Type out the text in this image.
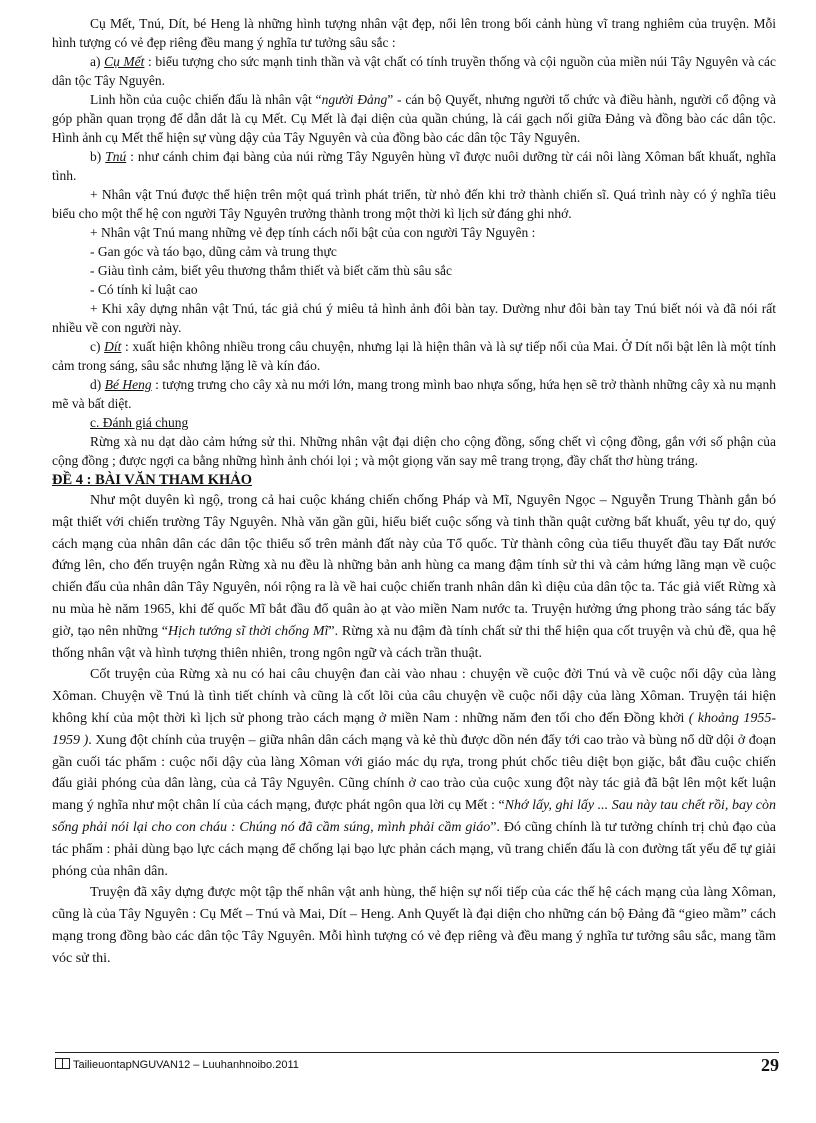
Cụ Mết, Tnú, Dít, bé Heng là những hình tượng nhân vật đẹp, nổi lên trong bối cảnh hùng vĩ trang nghiêm của truyện. Mỗi hình tượng có vẻ đẹp riêng đều mang ý nghĩa tư tưởng sâu sắc :

a) Cụ Mết : biểu tượng cho sức mạnh tinh thần và vật chất có tính truyền thống và cội nguồn của miền núi Tây Nguyên và các dân tộc Tây Nguyên.

Linh hồn của cuộc chiến đấu là nhân vật “người Đảng” - cán bộ Quyết, nhưng người tổ chức và điều hành, người cổ động và góp phần quan trọng để dẫn dắt là cụ Mết. Cụ Mết là đại diện của quần chúng, là cái gạch nối giữa Đảng và đồng bào các dân tộc. Hình ảnh cụ Mết thể hiện sự vùng dậy của Tây Nguyên và của đồng bào các dân tộc Tây Nguyên.

b) Tnú : như cánh chim đại bàng của núi rừng Tây Nguyên hùng vĩ được nuôi dưỡng từ cái nôi làng Xôman bất khuất, nghĩa tình.

+ Nhân vật Tnú được thể hiện trên một quá trình phát triển, từ nhỏ đến khi trở thành chiến sĩ. Quá trình này có ý nghĩa tiêu biểu cho một thế hệ con người Tây Nguyên trưởng thành trong một thời kì lịch sử đáng ghi nhớ.

+ Nhân vật Tnú mang những vẻ đẹp tính cách nổi bật của con người Tây Nguyên :

- Gan góc và táo bạo, dũng cảm và trung thực

- Giàu tình cảm, biết yêu thương thắm thiết và biết căm thù sâu sắc

- Có tính kỉ luật cao

+ Khi xây dựng nhân vật Tnú, tác giả chú ý miêu tả hình ảnh đôi bàn tay. Dường như đôi bàn tay Tnú biết nói và đã nói rất nhiều về con người này.

c) Dít : xuất hiện không nhiều trong câu chuyện, nhưng lại là hiện thân và là sự tiếp nối của Mai. Ở Dít nổi bật lên là một tính cảm trong sáng, sâu sắc nhưng lặng lẽ và kín đáo.

d) Bé Heng : tượng trưng cho cây xà nu mới lớn, mang trong mình bao nhựa sống, hứa hẹn sẽ trở thành những cây xà nu mạnh mẽ và bất diệt.

c. Đánh giá chung

Rừng xà nu dạt dào cảm hứng sử thi. Những nhân vật đại diện cho cộng đồng, sống chết vì cộng đồng, gắn với số phận của cộng đồng ; được ngợi ca bằng những hình ảnh chói lọi ; và một giọng văn say mê trang trọng, đầy chất thơ hùng tráng.

ĐỀ 4 : BÀI VĂN THAM KHẢO

Như một duyên kì ngộ, trong cả hai cuộc kháng chiến chống Pháp và Mĩ, Nguyên Ngọc – Nguyễn Trung Thành gắn bó mật thiết với chiến trường Tây Nguyên. Nhà văn gần gũi, hiểu biết cuộc sống và tinh thần quật cường bất khuất, yêu tự do, quý cách mạng của nhân dân các dân tộc thiểu số trên mảnh đất này của Tổ quốc. Từ thành công của tiểu thuyết đầu tay Đất nước đứng lên, cho đến truyện ngắn Rừng xà nu đều là những bản anh hùng ca mang đậm tính sử thi và cảm hứng lãng mạn về cuộc chiến đấu của nhân dân Tây Nguyên, nói rộng ra là về hai cuộc chiến tranh nhân dân kì diệu của dân tộc ta. Tác giả viết Rừng xà nu mùa hè năm 1965, khi đế quốc Mĩ bắt đầu đổ quân ào ạt vào miền Nam nước ta. Truyện hưởng ứng phong trào sáng tác bấy giờ, tạo nên những “Hịch tướng sĩ thời chống Mĩ”. Rừng xà nu đậm đà tính chất sử thi thể hiện qua cốt truyện và chủ đề, qua hệ thống nhân vật và hình tượng thiên nhiên, trong ngôn ngữ và cách trần thuật.

Cốt truyện của Rừng xà nu có hai câu chuyện đan cài vào nhau : chuyện về cuộc đời Tnú và về cuộc nổi dậy của làng Xôman. Chuyện về Tnú là tình tiết chính và cũng là cốt lõi của câu chuyện về cuộc nổi dậy của làng Xôman. Truyện tái hiện không khí của một thời kì lịch sử phong trào cách mạng ở miền Nam : những năm đen tối cho đến Đồng khởi ( khoảng 1955-1959 ). Xung đột chính của truyện – giữa nhân dân cách mạng và kẻ thù được dồn nén đẩy tới cao trào và bùng nổ dữ dội ở đoạn gần cuối tác phẩm : cuộc nổi dậy của làng Xôman với giáo mác dụ rựa, trong phút chốc tiêu diệt bọn giặc, bắt đầu cuộc chiến đấu giải phóng của dân làng, của cả Tây Nguyên. Cũng chính ở cao trào của cuộc xung đột này tác giả đã bật lên một kết luận mang ý nghĩa như một chân lí của cách mạng, được phát ngôn qua lời cụ Mết : “Nhớ lấy, ghi lấy ... Sau này tau chết rồi, bay còn sống phải nói lại cho con cháu : Chúng nó đã cầm súng, mình phải cầm giáo”. Đó cũng chính là tư tưởng chính trị chủ đạo của tác phẩm : phải dùng bạo lực cách mạng để chống lại bạo lực phản cách mạng, vũ trang chiến đấu là con đường tất yếu để tự giải phóng của nhân dân.

Truyện đã xây dựng được một tập thể nhân vật anh hùng, thể hiện sự nối tiếp của các thế hệ cách mạng của làng Xôman, cũng là của Tây Nguyên : Cụ Mết – Tnú và Mai, Dít – Heng. Anh Quyết là đại diện cho những cán bộ Đảng đã “gieo mầm” cách mạng trong đồng bào các dân tộc Tây Nguyên. Mỗi hình tượng có vẻ đẹp riêng và đều mang ý nghĩa tư tưởng sâu sắc, mang tầm vóc sử thi.

TailieuontapNGUVAN12 – Luuhanhnoibo.2011	29
